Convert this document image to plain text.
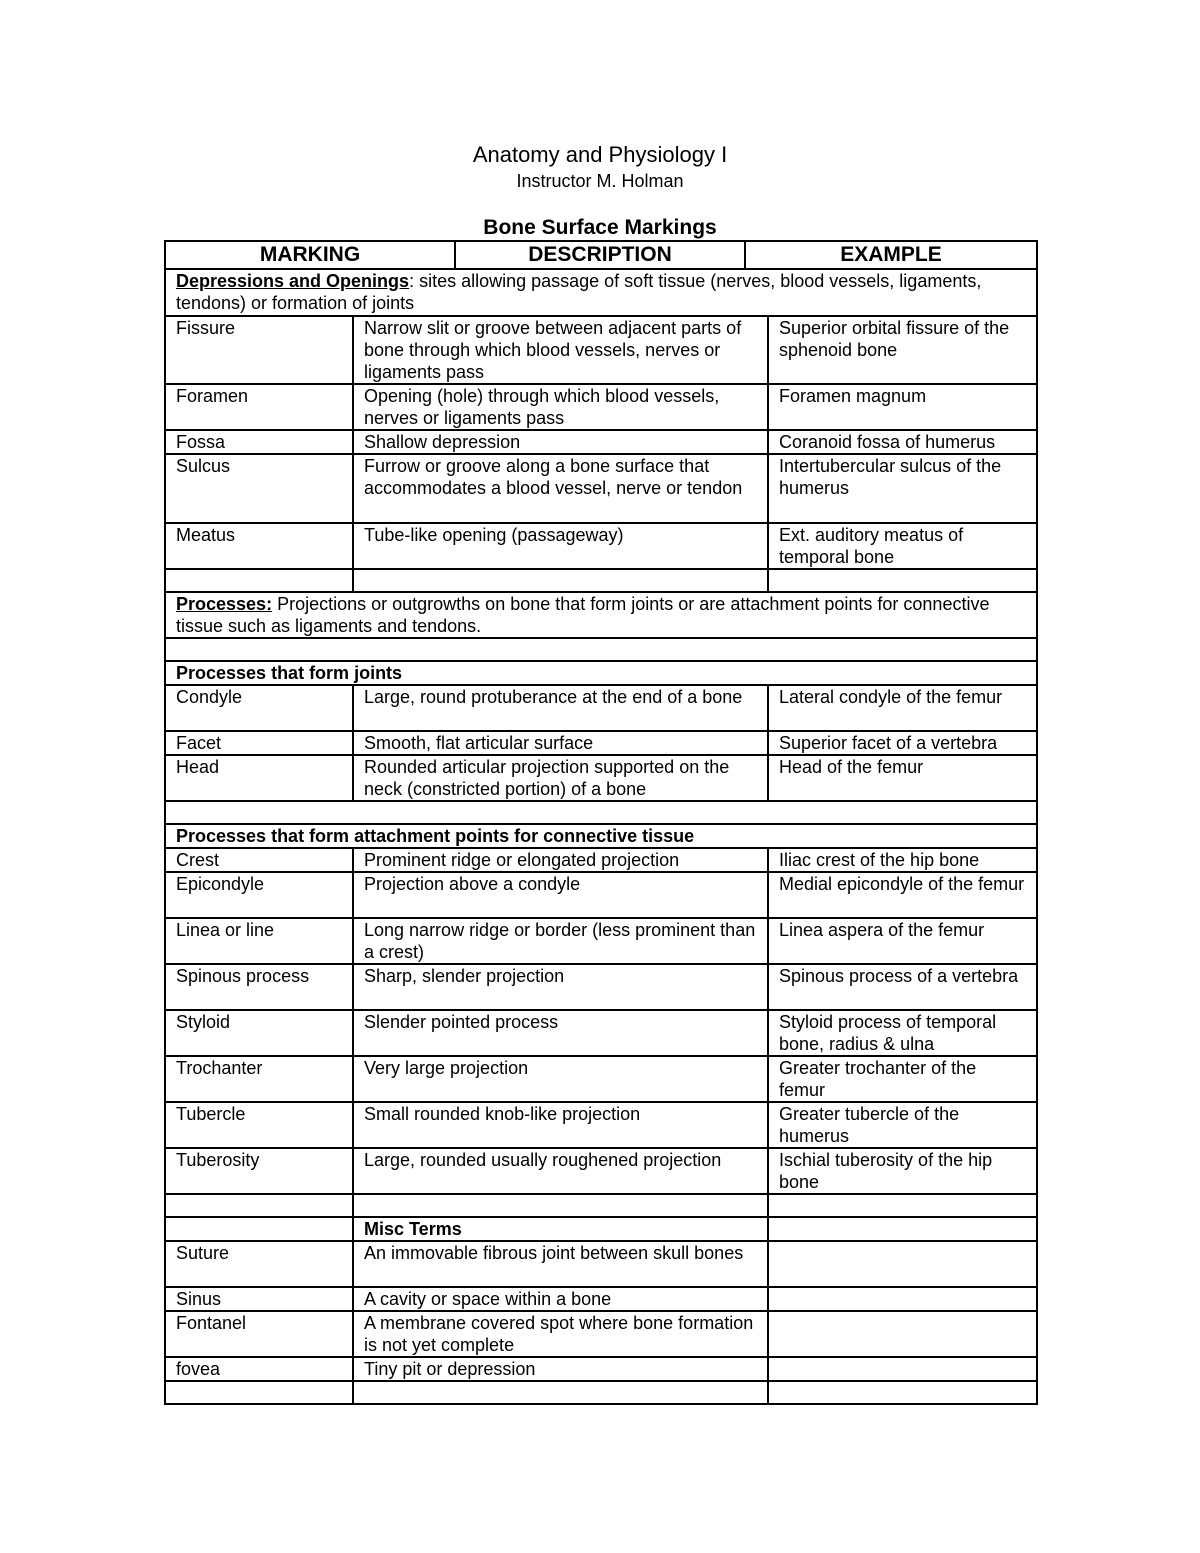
Anatomy and Physiology I
Instructor M. Holman
Bone Surface Markings
MARKING	DESCRIPTION	EXAMPLE
Depressions and Openings: sites allowing passage of soft tissue (nerves, blood vessels, ligaments, tendons) or formation of joints		
Fissure	Narrow slit or groove between adjacent parts of bone through which blood vessels, nerves or ligaments pass	Superior orbital fissure of the sphenoid bone
Foramen	Opening (hole) through which blood vessels, nerves or ligaments pass	Foramen magnum
Fossa	Shallow depression	Coranoid fossa of humerus
Sulcus	Furrow or groove along a bone surface that accommodates a blood vessel, nerve or tendon	Intertubercular sulcus of the humerus
Meatus	Tube-like opening (passageway)	Ext. auditory meatus of temporal bone

Processes: Projections or outgrowths on bone that form joints or are attachment points for connective tissue such as ligaments and tendons.		

Processes that form joints		
Condyle	Large, round protuberance at the end of a bone	Lateral condyle of the femur
Facet	Smooth, flat articular surface	Superior facet of a vertebra
Head	Rounded articular projection supported on the neck (constricted portion) of a bone	Head of the femur

Processes that form attachment points for connective tissue		
Crest	Prominent ridge or elongated projection	Iliac crest of the hip bone
Epicondyle	Projection above a condyle	Medial epicondyle of the femur
Linea or line	Long narrow ridge or border (less prominent than a crest)	Linea aspera of the femur
Spinous process	Sharp, slender projection	Spinous process of a vertebra
Styloid	Slender pointed process	Styloid process of temporal bone, radius & ulna
Trochanter	Very large projection	Greater trochanter of the femur
Tubercle	Small rounded knob-like projection	Greater tubercle of the humerus
Tuberosity	Large, rounded usually roughened projection	Ischial tuberosity of the hip bone

	Misc Terms	
Suture	An immovable fibrous joint between skull bones	
Sinus	A cavity or space within a bone	
Fontanel	A membrane covered spot where bone formation is not yet complete	
fovea	Tiny pit or depression	
